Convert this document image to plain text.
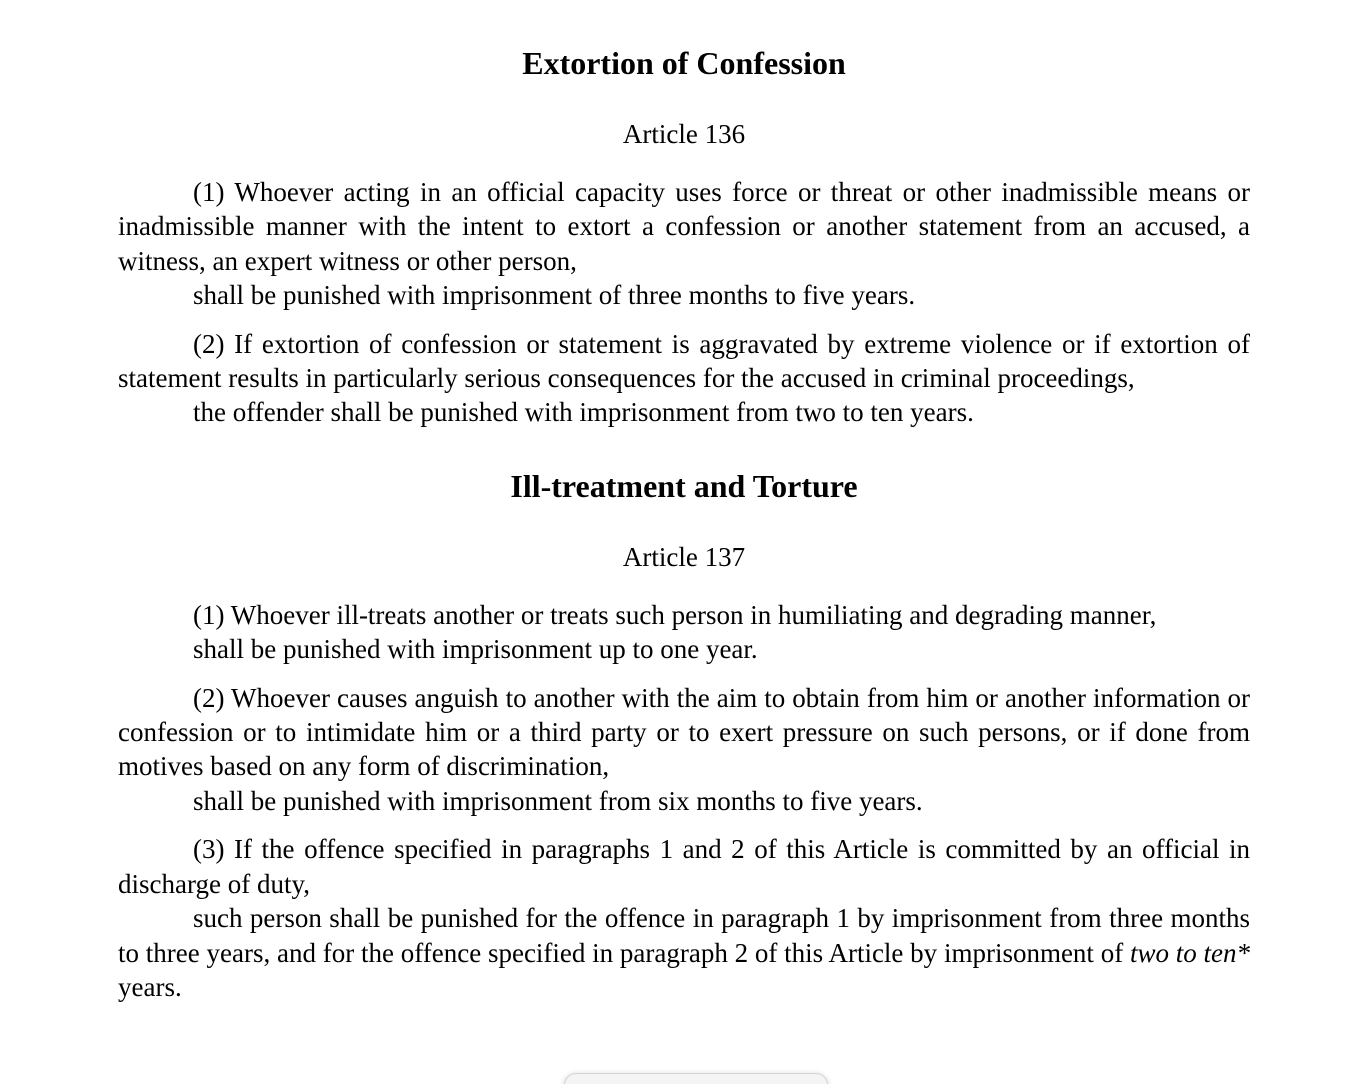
Extortion of Confession

Article 136

(1) Whoever acting in an official capacity uses force or threat or other inadmissible means or inadmissible manner with the intent to extort a confession or another statement from an accused, a witness, an expert witness or other person,

shall be punished with imprisonment of three months to five years.

(2) If extortion of confession or statement is aggravated by extreme violence or if extortion of statement results in particularly serious consequences for the accused in criminal proceedings,

the offender shall be punished with imprisonment from two to ten years.

Ill-treatment and Torture

Article 137

(1) Whoever ill-treats another or treats such person in humiliating and degrading manner,

shall be punished with imprisonment up to one year.

(2) Whoever causes anguish to another with the aim to obtain from him or another information or confession or to intimidate him or a third party or to exert pressure on such persons, or if done from motives based on any form of discrimination,

shall be punished with imprisonment from six months to five years.

(3) If the offence specified in paragraphs 1 and 2 of this Article is committed by an official in discharge of duty,

such person shall be punished for the offence in paragraph 1 by imprisonment from three months to three years, and for the offence specified in paragraph 2 of this Article by imprisonment of two to ten* years.
